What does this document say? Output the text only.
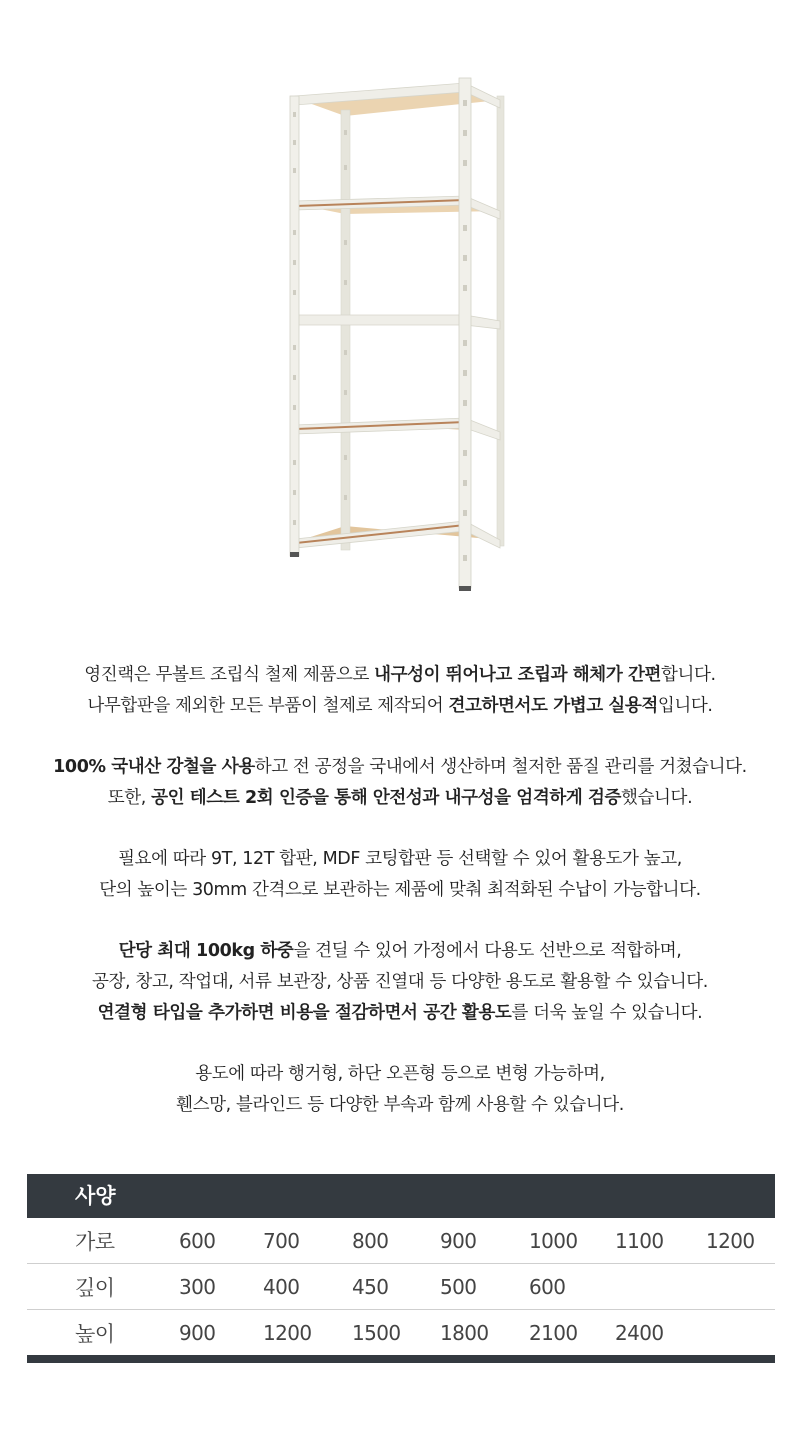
영진랙은 무볼트 조립식 철제 제품으로 내구성이 뛰어나고 조립과 해체가 간편합니다.
나무합판을 제외한 모든 부품이 철제로 제작되어 견고하면서도 가볍고 실용적입니다.
100% 국내산 강철을 사용하고 전 공정을 국내에서 생산하며 철저한 품질 관리를 거쳤습니다.
또한, 공인 테스트 2회 인증을 통해 안전성과 내구성을 엄격하게 검증했습니다.
필요에 따라 9T, 12T 합판, MDF 코팅합판 등 선택할 수 있어 활용도가 높고,
단의 높이는 30mm 간격으로 보관하는 제품에 맞춰 최적화된 수납이 가능합니다.
단당 최대 100kg 하중을 견딜 수 있어 가정에서 다용도 선반으로 적합하며,
공장, 창고, 작업대, 서류 보관장, 상품 진열대 등 다양한 용도로 활용할 수 있습니다.
연결형 타입을 추가하면 비용을 절감하면서 공간 활용도를 더욱 높일 수 있습니다.
용도에 따라 행거형, 하단 오픈형 등으로 변형 가능하며,
휀스망, 블라인드 등 다양한 부속과 함께 사용할 수 있습니다.
사양
가로	600 700	800	900	1000 1100 1200
깊이	300 400	450	500	600
높이	900 1200 1500 1800 2100 2400
